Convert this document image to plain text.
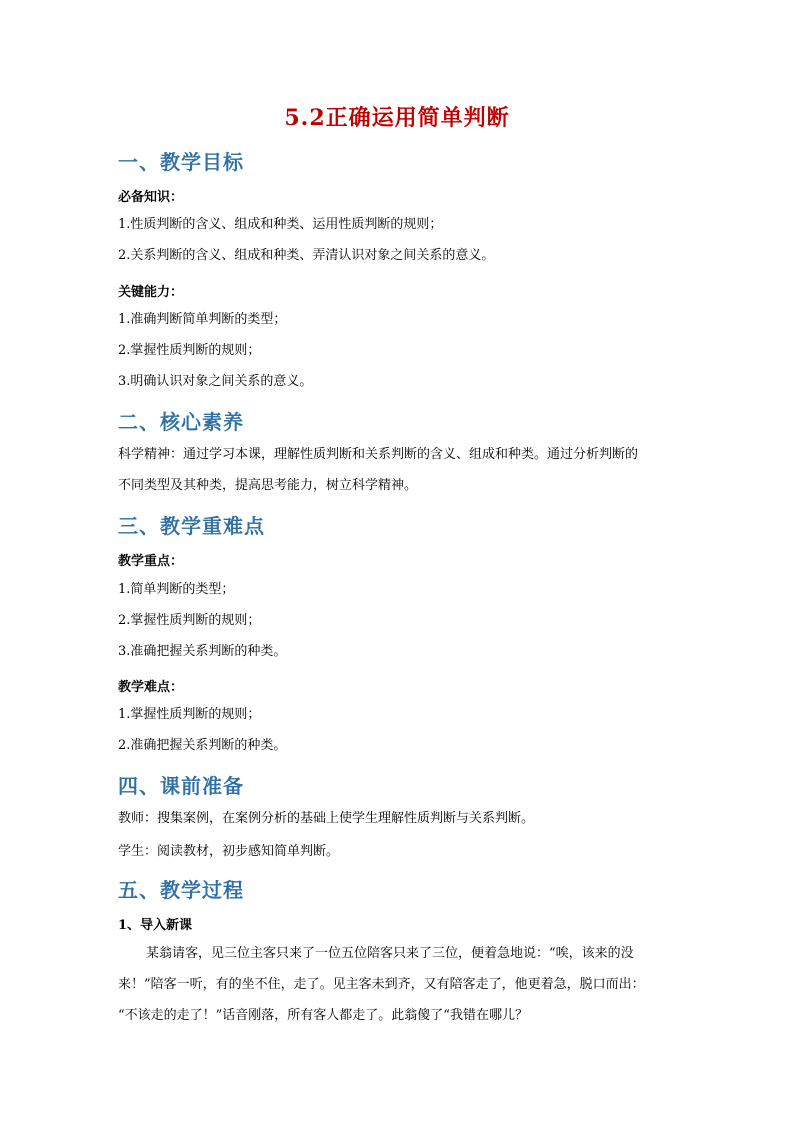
5.2正确运用简单判断
一、教学目标
必备知识：
1.性质判断的含义、组成和种类、运用性质判断的规则；
2.关系判断的含义、组成和种类、弄清认识对象之间关系的意义。
关键能力：
1.准确判断简单判断的类型；
2.掌握性质判断的规则；
3.明确认识对象之间关系的意义。
二、核心素养
科学精神：通过学习本课，理解性质判断和关系判断的含义、组成和种类。通过分析判断的
不同类型及其种类，提高思考能力，树立科学精神。
三、教学重难点
教学重点：
1.简单判断的类型；
2.掌握性质判断的规则；
3.准确把握关系判断的种类。
教学难点：
1.掌握性质判断的规则；
2.准确把握关系判断的种类。
四、课前准备
教师：搜集案例，在案例分析的基础上使学生理解性质判断与关系判断。
学生：阅读教材，初步感知简单判断。
五、教学过程
1、导入新课
某翁请客，见三位主客只来了一位五位陪客只来了三位，便着急地说：“唉，该来的没
来！”陪客一听，有的坐不住，走了。见主客未到齐，又有陪客走了，他更着急，脱口而出：
“不该走的走了！”话音刚落，所有客人都走了。此翁傻了“我错在哪儿？
